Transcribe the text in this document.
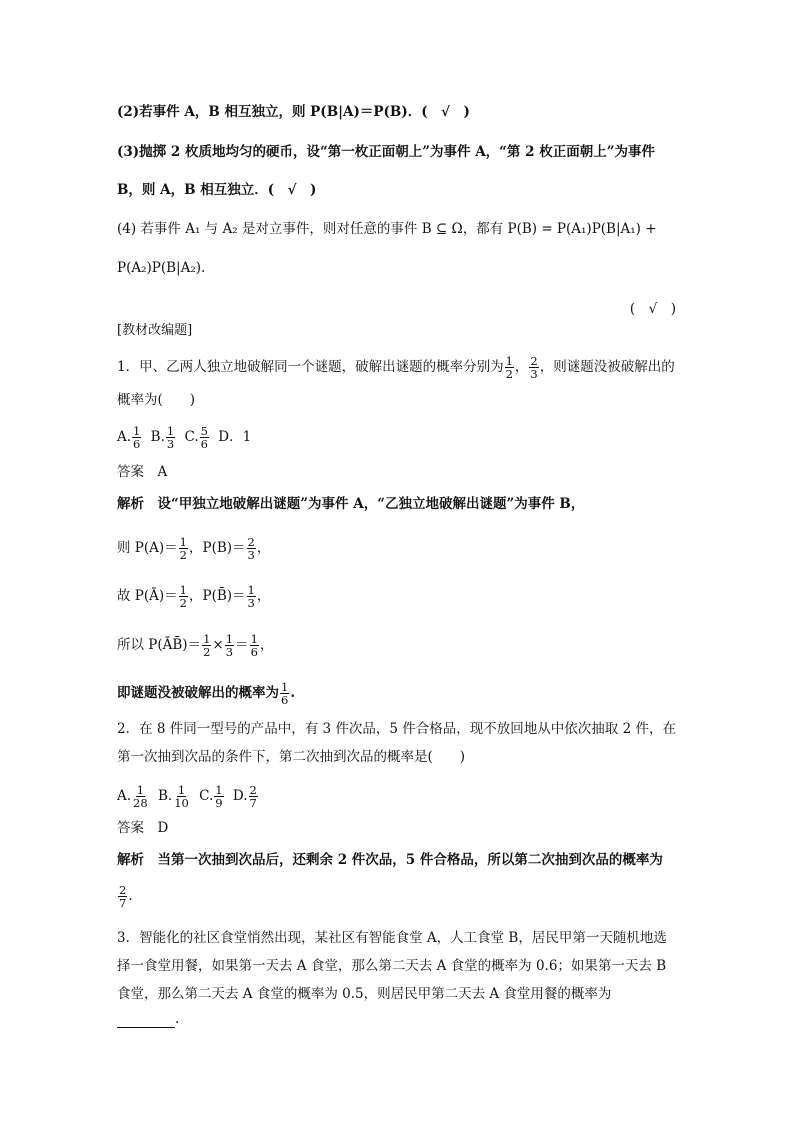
(2)若事件 A，B 相互独立，则 P(B|A)＝P(B)．(　√　)
(3)抛掷 2 枚质地均匀的硬币，设“第一枚正面朝上”为事件 A，“第 2 枚正面朝上”为事件
B，则 A，B 相互独立．(　√　)
(4) 若事件 A₁ 与 A₂ 是对立事件，则对任意的事件 B ⊆ Ω，都有 P(B) = P(A₁)P(B|A₁) +
P(A₂)P(B|A₂).
(　√　)
[教材改编题]
1．甲、乙两人独立地破解同一个谜题，破解出谜题的概率分别为 $\frac{1}{2}$ ， $\frac{2}{3}$ ，则谜题没被破解出的
概率为(　　)
A. $\frac{1}{6} B$. $\frac{1}{3} C$. $\frac{5}{6}$ D．1
答案　A
解析　设“甲独立地破解出谜题”为事件 A，“乙独立地破解出谜题”为事件 B，
则 $P(A)= \frac{1}{2}$ ，$P(B)= \frac{2}{3}$ ，
故 P(Ā)＝ $\frac{1}{2}$ ，P(B̄)＝ $\frac{1}{3}$ ，
所以 P(ĀB̄)＝ $\frac{1}{2} \times \frac{1}{3} = \frac{1}{6}$ ，
即谜题没被破解出的概率为 $\frac{1}{6}$ .
2．在 8 件同一型号的产品中，有 3 件次品，5 件合格品，现不放回地从中依次抽取 2 件，在
第一次抽到次品的条件下，第二次抽到次品的概率是(　　)
A. $\frac{1}{28} B$. $\frac{1}{10} C$. $\frac{1}{9} D$. $\frac{2}{7}$
答案　D
解析　当第一次抽到次品后，还剩余 2 件次品，5 件合格品，所以第二次抽到次品的概率为
$\frac{2}{7}$ .
3．智能化的社区食堂悄然出现，某社区有智能食堂 A，人工食堂 B，居民甲第一天随机地选
择一食堂用餐，如果第一天去 A 食堂，那么第二天去 A 食堂的概率为 0.6；如果第一天去 B
食堂，那么第二天去 A 食堂的概率为 0.5，则居民甲第二天去 A 食堂用餐的概率为
.
